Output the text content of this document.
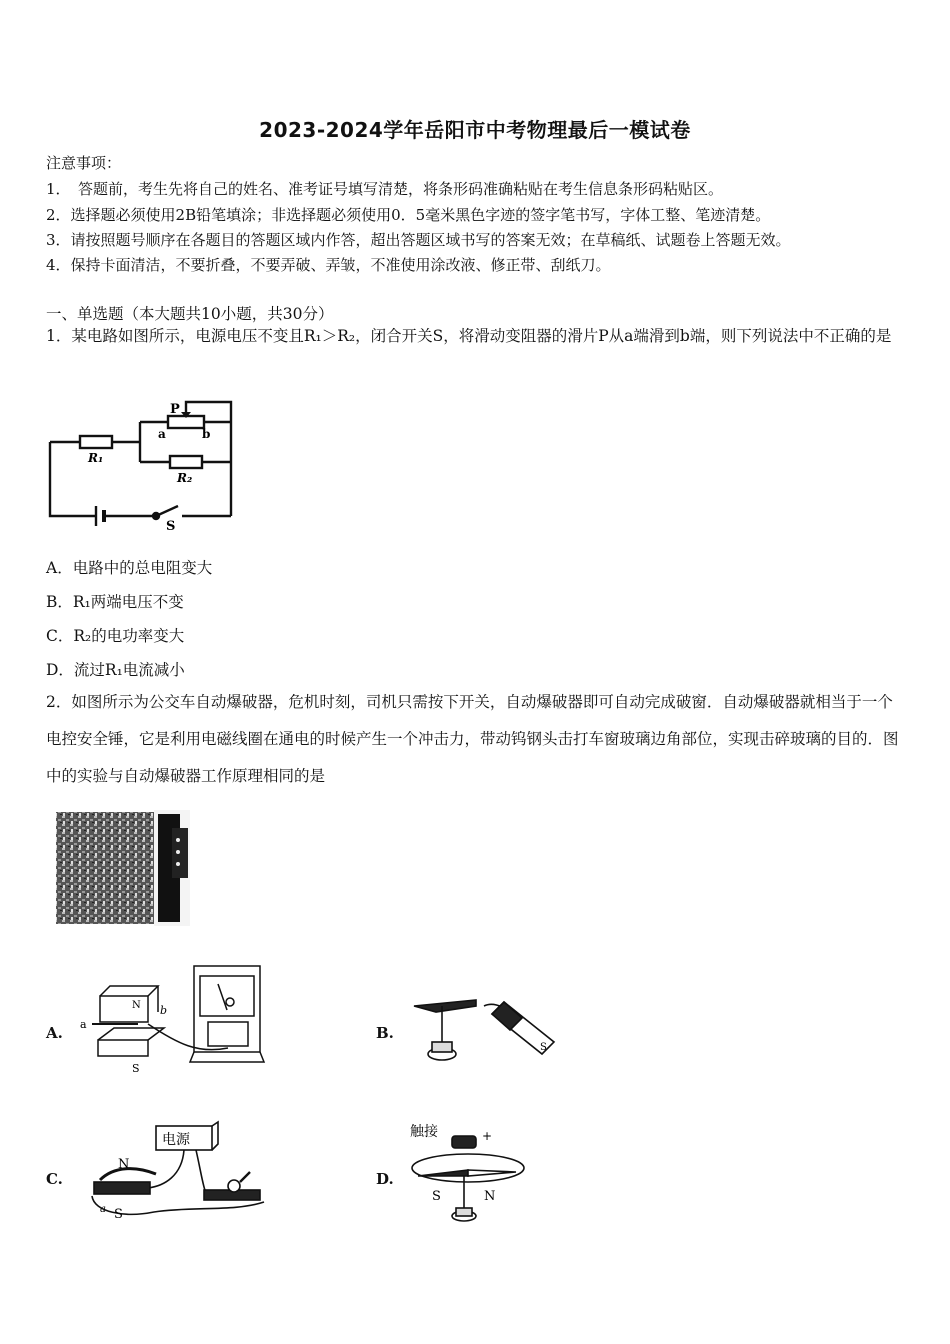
2023-2024学年岳阳市中考物理最后一模试卷
注意事项：
1．　答题前，考生先将自己的姓名、准考证号填写清楚，将条形码准确粘贴在考生信息条形码粘贴区。
2．选择题必须使用2B铅笔填涂；非选择题必须使用0．5毫米黑色字迹的签字笔书写，字体工整、笔迹清楚。
3．请按照题号顺序在各题目的答题区域内作答，超出答题区域书写的答案无效；在草稿纸、试题卷上答题无效。
4．保持卡面清洁，不要折叠，不要弄破、弄皱，不准使用涂改液、修正带、刮纸刀。
一、单选题（本大题共10小题，共30分）
1．某电路如图所示，电源电压不变且R₁＞R₂，闭合开关S，将滑动变阻器的滑片P从a端滑到b端，则下列说法中不正确的是
P
a	b
R₁
R₂
S
A．电路中的总电阻变大
B．R₁两端电压不变
C．R₂的电功率变大
D．流过R₁电流减小
2．如图所示为公交车自动爆破器，危机时刻，司机只需按下开关，自动爆破器即可自动完成破窗．自动爆破器就相当于一个电控安全锤，它是利用电磁线圈在通电的时候产生一个冲击力，带动钨钢头击打车窗玻璃边角部位，实现击碎玻璃的目的．图中的实验与自动爆破器工作原理相同的是
A. a
b
N
S
B.
S
C.
电源
N
S
a
D.
触接	+
S	N
